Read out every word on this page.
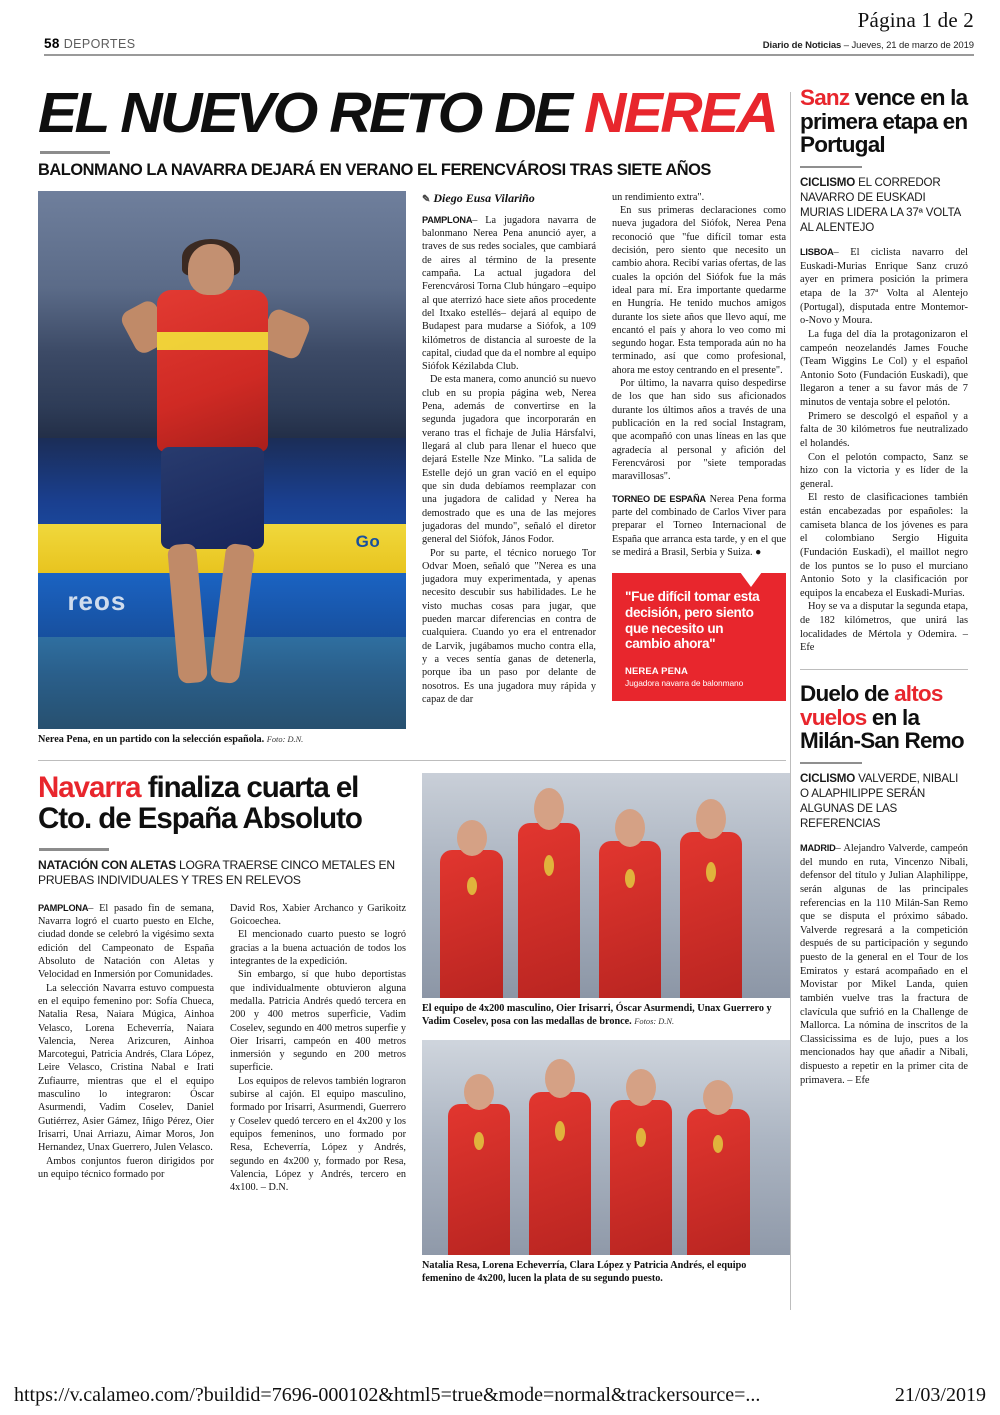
Página 1 de 2
58 DEPORTES	Diario de Noticias – Jueves, 21 de marzo de 2019
EL NUEVO RETO DE NEREA
BALONMANO LA NAVARRA DEJARÁ EN VERANO EL FERENCVÁROSI TRAS SIETE AÑOS
reos
Go
Nerea Pena, en un partido con la selección española. Foto: D.N.
✎ Diego Eusa Vilariño

PAMPLONA– La jugadora navarra de balonmano Nerea Pena anunció ayer, a traves de sus redes sociales, que cambiará de aires al término de la presente campaña. La actual jugadora del Ferencvárosi Torna Club húngaro –equipo al que aterrizó hace siete años procedente del Itxako estellés– dejará al equipo de Budapest para mudarse a Siófok, a 109 kilómetros de distancia al suroeste de la capital, ciudad que da el nombre al equipo Siófok Kézilabda Club.

De esta manera, como anunció su nuevo club en su propia página web, Nerea Pena, además de convertirse en la segunda jugadora que incorporarán en verano tras el fichaje de Julia Hársfalvi, llegará al club para llenar el hueco que dejará Estelle Nze Minko. "La salida de Estelle dejó un gran vacíó en el equipo que sin duda debíamos reemplazar con una jugadora de calidad y Nerea ha demostrado que es una de las mejores jugadoras del mundo", señaló el diretor general del Siófok, János Fodor.

Por su parte, el técnico noruego Tor Odvar Moen, señaló que "Nerea es una jugadora muy experimentada, y apenas necesito descubir sus habilidades. Le he visto muchas cosas para jugar, que pueden marcar diferencias en contra de cualquiera. Cuando yo era el entrenador de Larvik, jugábamos mucho contra ella, y a veces sentía ganas de detenerla, porque iba un paso por delante de nosotros. Es una jugadora muy rápida y capaz de dar

un rendimiento extra".

En sus primeras declaraciones como nueva jugadora del Siófok, Nerea Pena reconoció que "fue difícil tomar esta decisión, pero siento que necesito un cambio ahora. Recibí varias ofertas, de las cuales la opción del Siófok fue la más ideal para mí. Era importante quedarme en Hungría. He tenido muchos amigos durante los siete años que llevo aquí, me encantó el país y ahora lo veo como mi segundo hogar. Esta temporada aún no ha terminado, así que como profesional, ahora me estoy centrando en el presente".

Por último, la navarra quiso despedirse de los que han sido sus aficionados durante los últimos años a través de una publicación en la red social Instagram, que acompañó con unas líneas en las que agradecía al personal y afición del Ferencvárosi por "siete temporadas maravillosas".

TORNEO DE ESPAÑA Nerea Pena forma parte del combinado de Carlos Viver para preparar el Torneo Internacional de España que arranca esta tarde, y en el que se medirá a Brasil, Serbia y Suiza. ●

"Fue difícil tomar esta decisión, pero siento que necesito un cambio ahora"
NEREA PENA
Jugadora navarra de balonmano
Navarra finaliza cuarta el Cto. de España Absoluto
NATACIÓN CON ALETAS LOGRA TRAERSE CINCO METALES EN PRUEBAS INDIVIDUALES Y TRES EN RELEVOS

PAMPLONA– El pasado fin de semana, Navarra logró el cuarto puesto en Elche, ciudad donde se celebró la vigésimo sexta edición del Campeonato de España Absoluto de Natación con Aletas y Velocidad en Inmersión por Comunidades.

La selección Navarra estuvo compuesta en el equipo femenino por: Sofía Chueca, Natalia Resa, Naiara Múgica, Ainhoa Velasco, Lorena Echeverría, Naiara Valencia, Nerea Arizcuren, Ainhoa Marcotegui, Patricia Andrés, Clara López, Leire Velasco, Cristina Nabal e Irati Zufiaurre, mientras que el el equipo masculino lo integraron: Óscar Asurmendi, Vadim Coselev, Daniel Gutiérrez, Asier Gámez, Iñigo Pérez, Oier Irisarri, Unai Arriazu, Aimar Moros, Jon Hernandez, Unax Guerrero, Julen Velasco.

Ambos conjuntos fueron dirigidos por un equipo técnico formado por

David Ros, Xabier Archanco y Garikoitz Goicoechea.

El mencionado cuarto puesto se logró gracias a la buena actuación de todos los integrantes de la expedición.

Sin embargo, sí que hubo deportistas que individualmente obtuvieron alguna medalla. Patricia Andrés quedó tercera en 200 y 400 metros superficie, Vadim Coselev, segundo en 400 metros superfie y Oier Irisarri, campeón en 400 metros inmersión y segundo en 200 metros superficie.

Los equipos de relevos también lograron subirse al cajón. El equipo masculino, formado por Irisarri, Asurmendi, Guerrero y Coselev quedó tercero en el 4x200 y los equipos femeninos, uno formado por Resa, Echeverría, López y Andrés, segundo en 4x200 y, formado por Resa, Valencia, López y Andrés, tercero en 4x100. – D.N.

El equipo de 4x200 masculino, Oier Irisarri, Óscar Asurmendi, Unax Guerrero y Vadim Coselev, posa con las medallas de bronce. Fotos: D.N.
Natalia Resa, Lorena Echeverría, Clara López y Patricia Andrés, el equipo femenino de 4x200, lucen la plata de su segundo puesto.
Sanz vence en la primera etapa en Portugal
CICLISMO EL CORREDOR NAVARRO DE EUSKADI MURIAS LIDERA LA 37ª VOLTA AL ALENTEJO

LISBOA– El ciclista navarro del Euskadi-Murias Enrique Sanz cruzó ayer en primera posición la primera etapa de la 37ª Volta al Alentejo (Portugal), disputada entre Montemor-o-Novo y Moura.

La fuga del día la protagonizaron el campeón neozelandés James Fouche (Team Wiggins Le Col) y el español Antonio Soto (Fundación Euskadi), que llegaron a tener a su favor más de 7 minutos de ventaja sobre el pelotón.

Primero se descolgó el español y a falta de 30 kilómetros fue neutralizado el holandés.

Con el pelotón compacto, Sanz se hizo con la victoria y es líder de la general.

El resto de clasificaciones también están encabezadas por españoles: la camiseta blanca de los jóvenes es para el colombiano Sergio Higuita (Fundación Euskadi), el maillot negro de los puntos se lo puso el murciano Antonio Soto y la clasificación por equipos la encabeza el Euskadi-Murias.

Hoy se va a disputar la segunda etapa, de 182 kilómetros, que unirá las localidades de Mértola y Odemira. – Efe

Duelo de altos vuelos en la Milán-San Remo
CICLISMO VALVERDE, NIBALI O ALAPHILIPPE SERÁN ALGUNAS DE LAS REFERENCIAS

MADRID– Alejandro Valverde, campeón del mundo en ruta, Vincenzo Nibali, defensor del título y Julian Alaphilippe, serán algunas de las principales referencias en la 110 Milán-San Remo que se disputa el próximo sábado. Valverde regresará a la competición después de su participación y segundo puesto de la general en el Tour de los Emiratos y estará acompañado en el Movistar por Mikel Landa, quien también vuelve tras la fractura de clavícula que sufrió en la Challenge de Mallorca. La nómina de inscritos de la Classicissima es de lujo, pues a los mencionados hay que añadir a Nibali, dispuesto a repetir en la primer cita de primavera. – Efe

https://v.calameo.com/?buildid=7696-000102&html5=true&mode=normal&trackersource=...	21/03/2019
